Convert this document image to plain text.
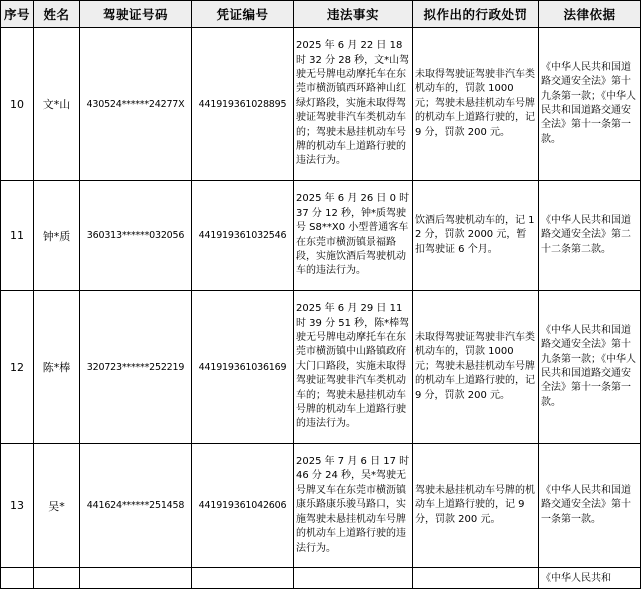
序号	姓名	驾驶证号码	凭证编号	违法事实	拟作出的行政处罚	法律依据
10	文*山	430524******24277X	441919361028895	2025 年 6 月 22 日 18 时 32 分 28 秒，文*山驾驶无号牌电动摩托车在东莞市横沥镇西环路神山红绿灯路段，实施未取得驾驶证驾驶非汽车类机动车的；驾驶未悬挂机动车号牌的机动车上道路行驶的违法行为。	未取得驾驶证驾驶非汽车类机动车的，罚款 1000 元；驾驶未悬挂机动车号牌的机动车上道路行驶的，记 9 分，罚款 200 元。	《中华人民共和国道路交通安全法》第十九条第一款；《中华人民共和国道路交通安全法》第十一条第一款。
11	钟*质	360313******032056	441919361032546	2025 年 6 月 26 日 0 时 37 分 12 秒，钟*质驾驶号 S8**X0 小型普通客车在东莞市横沥镇景福路段，实施饮酒后驾驶机动车的违法行为。	饮酒后驾驶机动车的，记 12 分，罚款 2000 元，暂扣驾驶证 6 个月。	《中华人民共和国道路交通安全法》第二十二条第二款。
12	陈*棒	320723******252219	441919361036169	2025 年 6 月 29 日 11 时 39 分 51 秒，陈*棒驾驶无号牌电动摩托车在东莞市横沥镇中山路镇政府大门口路段，实施未取得驾驶证驾驶非汽车类机动车的；驾驶未悬挂机动车号牌的机动车上道路行驶的违法行为。	未取得驾驶证驾驶非汽车类机动车的，罚款 1000 元；驾驶未悬挂机动车号牌的机动车上道路行驶的，记 9 分，罚款 200 元。	《中华人民共和国道路交通安全法》第十九条第一款；《中华人民共和国道路交通安全法》第十一条第一款。
13	吴*	441624******251458	441919361042606	2025 年 7 月 6 日 17 时 46 分 24 秒，吴*驾驶无号牌叉车在东莞市横沥镇康乐路康乐骏马路口，实施驾驶未悬挂机动车号牌的机动车上道路行驶的违法行为。	驾驶未悬挂机动车号牌的机动车上道路行驶的，记 9 分，罚款 200 元。	《中华人民共和国道路交通安全法》第十一条第一款。

						《中华人民共和
